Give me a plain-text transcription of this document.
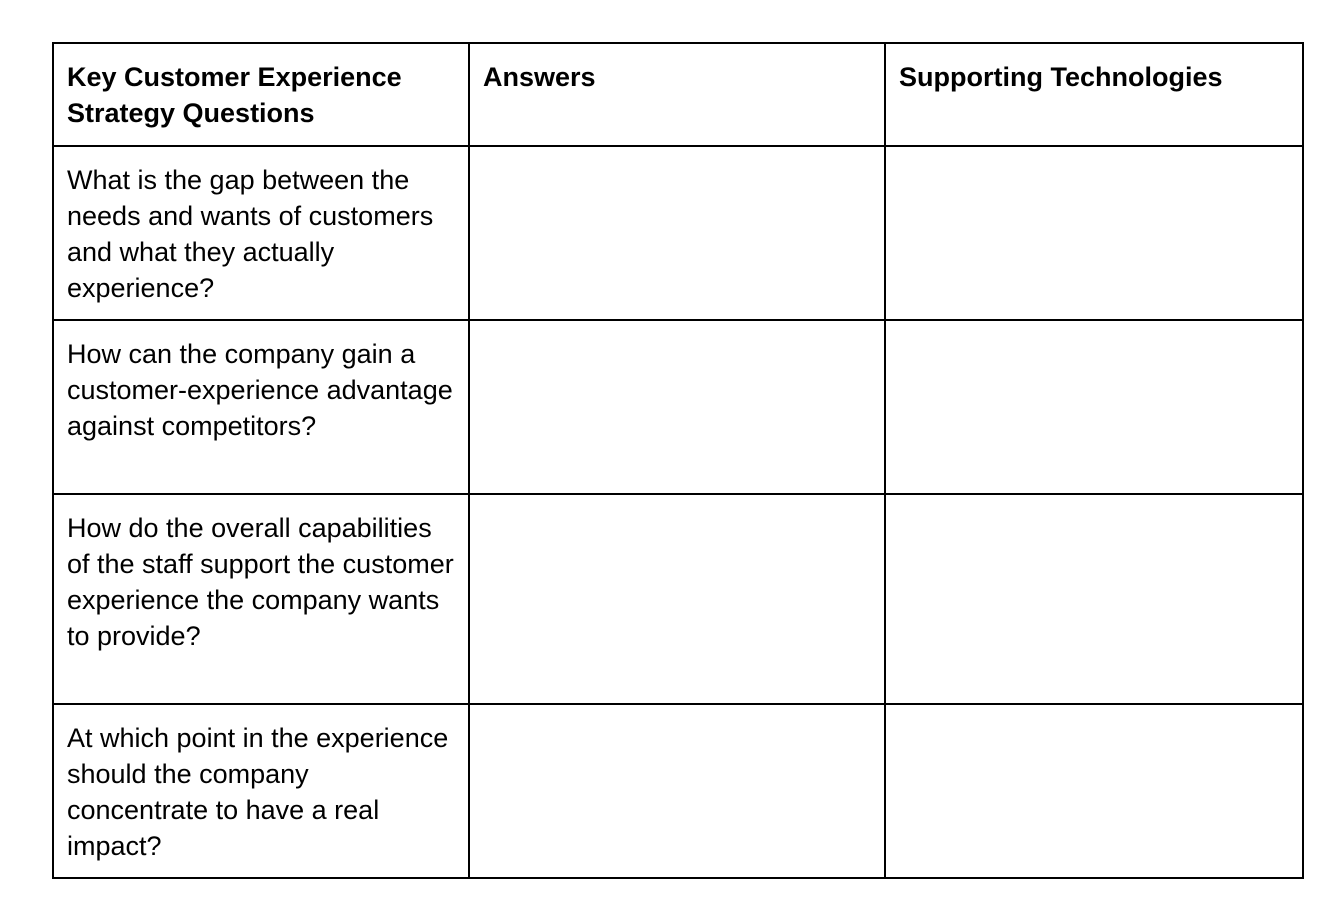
Key Customer Experience Strategy Questions	Answers	Supporting Technologies
What is the gap between the needs and wants of customers and what they actually experience?		
How can the company gain a customer-experience advantage against competitors?		
How do the overall capabilities of the staff support the customer experience the company wants to provide?		
At which point in the experience should the company concentrate to have a real impact?		
